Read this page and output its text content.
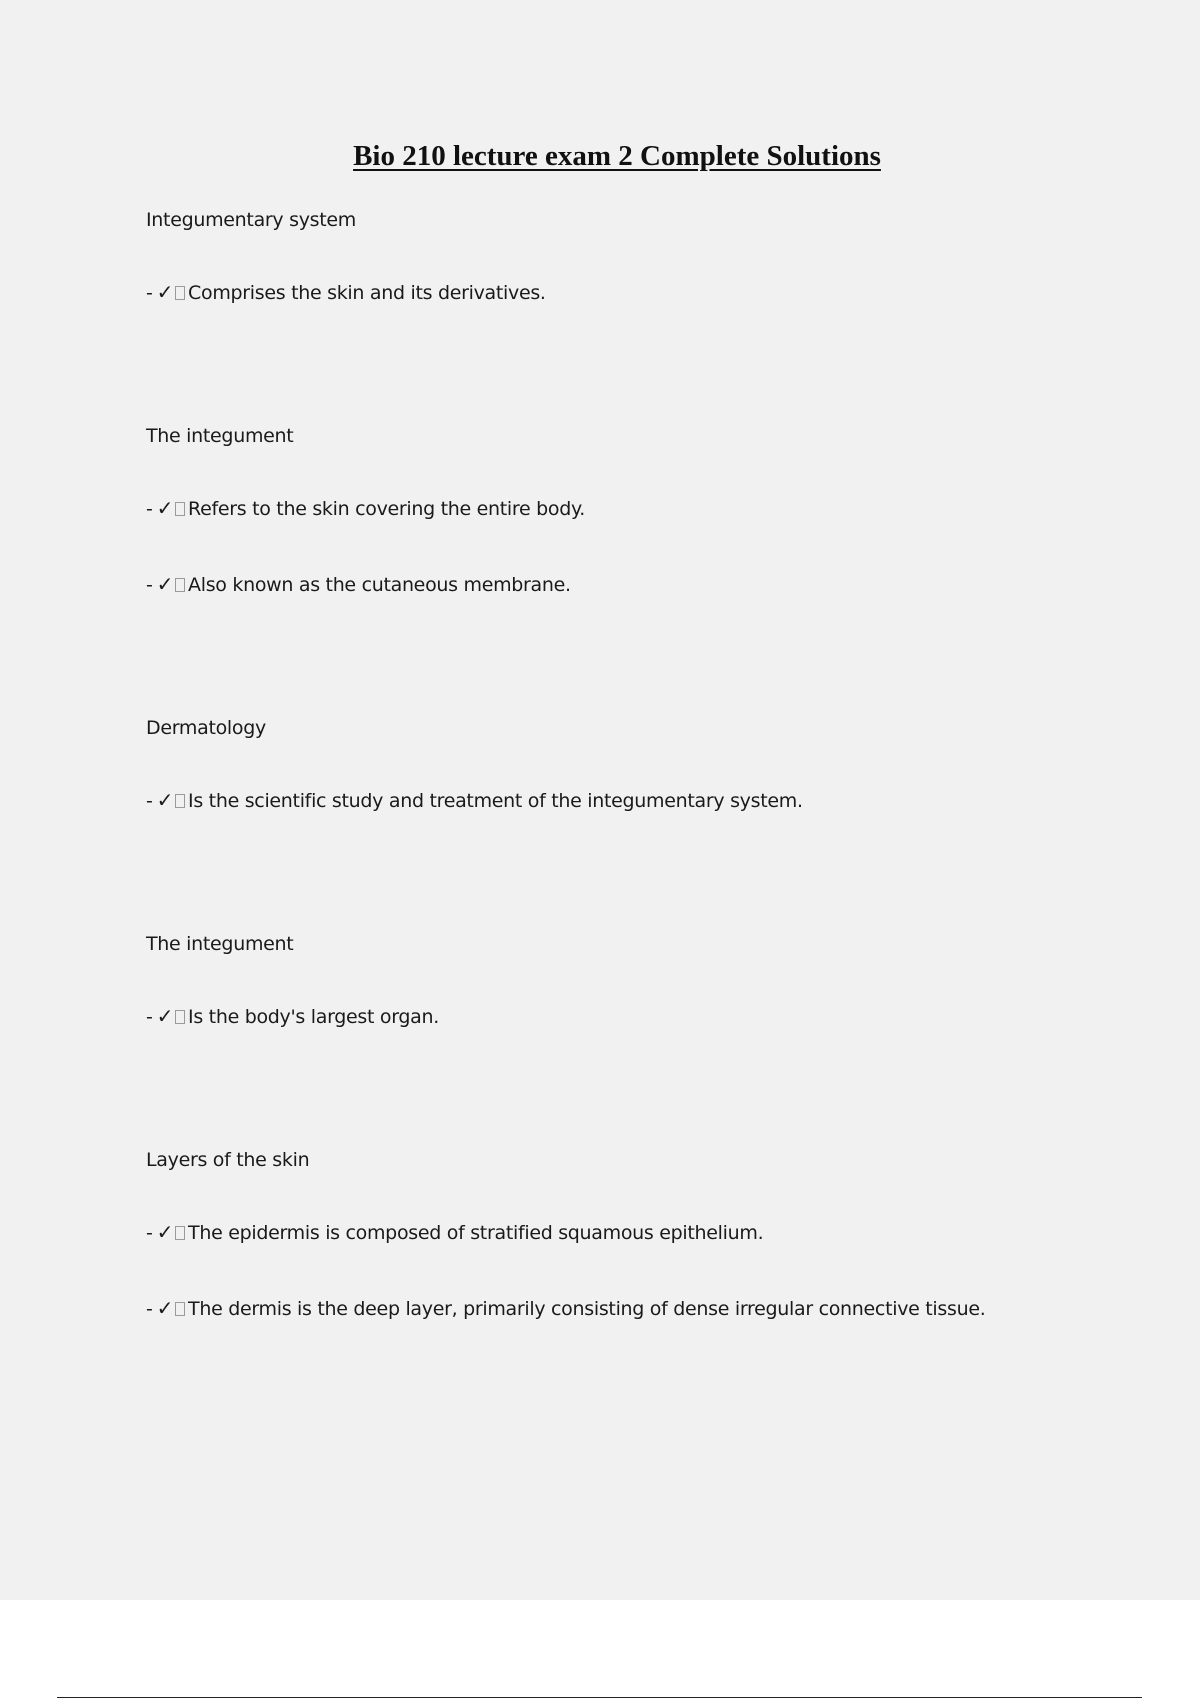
Bio 210 lecture exam 2 Complete Solutions
Integumentary system
- ✓ Comprises the skin and its derivatives.
The integument
- ✓ Refers to the skin covering the entire body.
- ✓ Also known as the cutaneous membrane.
Dermatology
- ✓ Is the scientific study and treatment of the integumentary system.
The integument
- ✓ Is the body's largest organ.
Layers of the skin
- ✓ The epidermis is composed of stratified squamous epithelium.
- ✓ The dermis is the deep layer, primarily consisting of dense irregular connective tissue.
